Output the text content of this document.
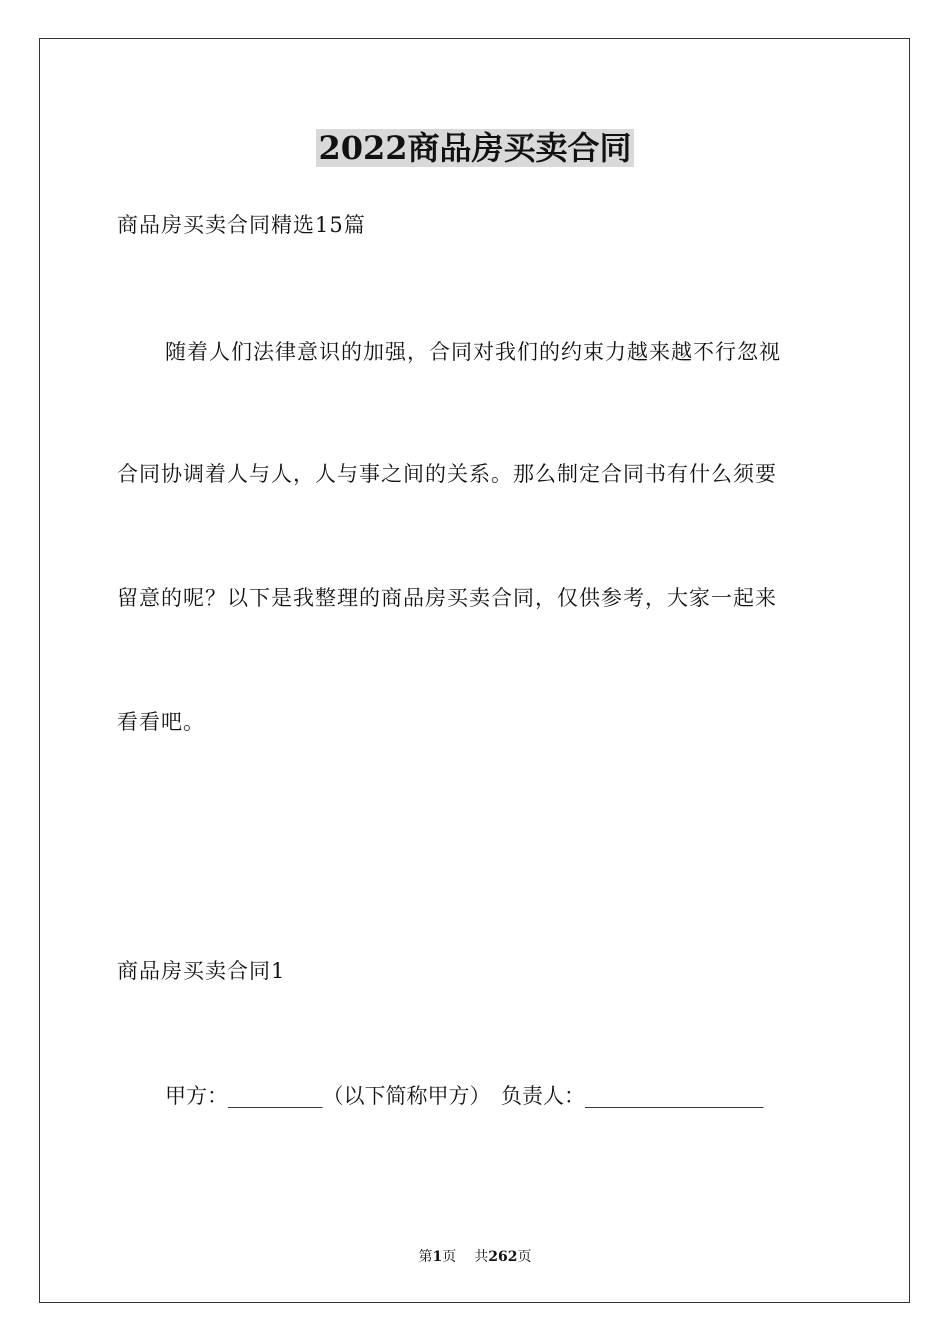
2022商品房买卖合同
商品房买卖合同精选15篇
随着人们法律意识的加强，合同对我们的约束力越来越不行忽视
合同协调着人与人，人与事之间的关系。那么制定合同书有什么须要
留意的呢？以下是我整理的商品房买卖合同，仅供参考，大家一起来
看看吧。
商品房买卖合同1
甲方：_________（以下简称甲方）　负责人：_________________
第1页 共262页
